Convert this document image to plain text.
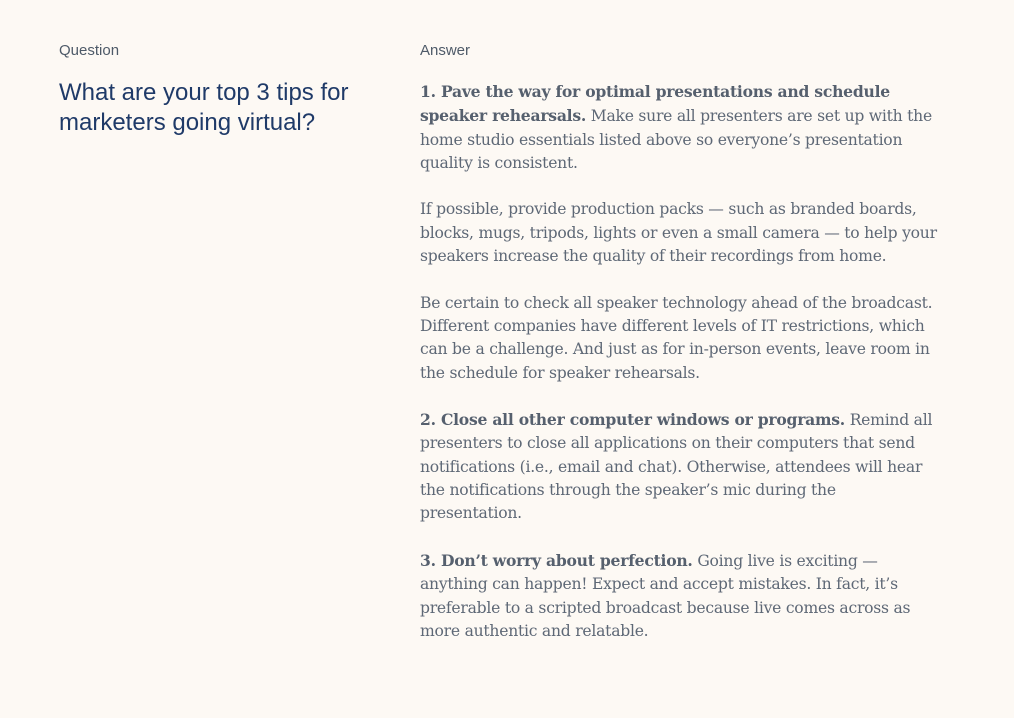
Question	Answer

What are your top 3 tips for marketers going virtual?

1. Pave the way for optimal presentations and schedule speaker rehearsals. Make sure all presenters are set up with the home studio essentials listed above so everyone’s presentation quality is consistent.

If possible, provide production packs — such as branded boards, blocks, mugs, tripods, lights or even a small camera — to help your speakers increase the quality of their recordings from home.

Be certain to check all speaker technology ahead of the broadcast. Different companies have different levels of IT restrictions, which can be a challenge. And just as for in-person events, leave room in the schedule for speaker rehearsals.

2. Close all other computer windows or programs. Remind all presenters to close all applications on their computers that send notifications (i.e., email and chat). Otherwise, attendees will hear the notifications through the speaker’s mic during the presentation.

3. Don’t worry about perfection. Going live is exciting — anything can happen! Expect and accept mistakes. In fact, it’s preferable to a scripted broadcast because live comes across as more authentic and relatable.
